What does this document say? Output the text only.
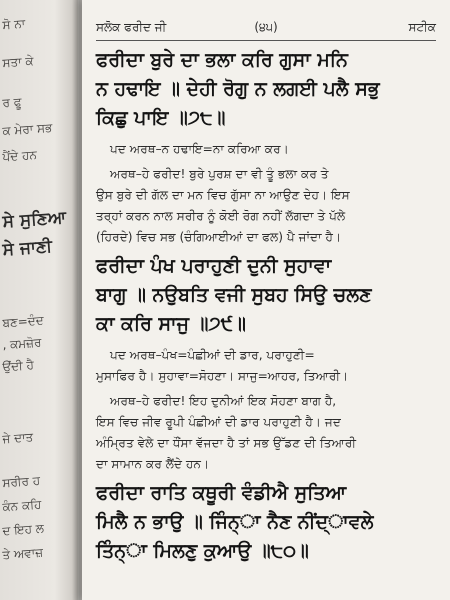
ਸੋ ਨਾ
ਸਤਾ ਕੇ
ਰ ਫੂ
ਕ ਮੇਰਾ ਸਭ
ਪੈਂਦੇ ਹਨ
ਸੇ ਸੁਣਿਆ
ਸੇ ਜਾਣੀ
ਬਣ=ਦੰਦ
, ਕਮਜ਼ੋਰ
ਉਂਦੀ ਹੈ
ਜੇ ਦਾਤ
ਸਰੀਰ ਹ
ਕੰਨ ਕਹਿ
ਦ ਇਹ ਲ
ਤੇ ਅਵਾਜ਼
ਸਲੋਕ ਫਰੀਦ ਜੀ	(੪੫)	ਸਟੀਕ
ਫਰੀਦਾ ਬੁਰੇ ਦਾ ਭਲਾ ਕਰਿ ਗੁਸਾ ਮਨਿ
ਨ ਹਢਾਇ ॥ ਦੇਹੀ ਰੋਗੁ ਨ ਲਗਈ ਪਲੈ ਸਭੁ
ਕਿਛੁ ਪਾਇ ॥੭੮॥
ਪਦ ਅਰਥ–ਨ ਹਢਾਇ=ਨਾ ਕਰਿਆ ਕਰ।
ਅਰਥ–ਹੇ ਫਰੀਦ! ਬੁਰੇ ਪੁਰਸ਼ ਦਾ ਵੀ ਤੂੰ ਭਲਾ ਕਰ ਤੇ
ਉਸ ਬੁਰੇ ਦੀ ਗੱਲ ਦਾ ਮਨ ਵਿਚ ਗੁੱਸਾ ਨਾ ਆਉਣ ਦੇਹ। ਇਸ
ਤਰ੍ਹਾਂ ਕਰਨ ਨਾਲ ਸਰੀਰ ਨੂੰ ਕੋਈ ਰੋਗ ਨਹੀਂ ਲੱਗਦਾ ਤੇ ਪੱਲੇ
(ਹਿਰਦੇ) ਵਿਚ ਸਭ (ਚੰਗਿਆਈਆਂ ਦਾ ਫਲ) ਪੈ ਜਾਂਦਾ ਹੈ।
ਫਰੀਦਾ ਪੰਖ ਪਰਾਹੁਣੀ ਦੁਨੀ ਸੁਹਾਵਾ
ਬਾਗੁ ॥ ਨਉਬਤਿ ਵਜੀ ਸੁਬਹ ਸਿਉ ਚਲਣ
ਕਾ ਕਰਿ ਸਾਜੁ ॥੭੯॥
ਪਦ ਅਰਥ–ਪੰਖ=ਪੰਛੀਆਂ ਦੀ ਡਾਰ, ਪਰਾਹੁਣੀ=
ਮੁਸਾਫਿਰ ਹੈ। ਸੁਹਾਵਾ=ਸੋਹਣਾ। ਸਾਜੁ=ਆਹਰ, ਤਿਆਰੀ।
ਅਰਥ–ਹੇ ਫਰੀਦ! ਇਹ ਦੁਨੀਆਂ ਇਕ ਸੋਹਣਾ ਬਾਗ ਹੈ,
ਇਸ ਵਿਚ ਜੀਵ ਰੂਪੀ ਪੰਛੀਆਂ ਦੀ ਡਾਰ ਪਰਾਹੁਣੀ ਹੈ। ਜਦ
ਅੰਮ੍ਰਿਤ ਵੇਲੇ ਦਾ ਧੌਂਸਾ ਵੱਜਦਾ ਹੈ ਤਾਂ ਸਭ ਉੱਡਣ ਦੀ ਤਿਆਰੀ
ਦਾ ਸਾਮਾਨ ਕਰ ਲੈਂਦੇ ਹਨ।
ਫਰੀਦਾ ਰਾਤਿ ਕਥੂਰੀ ਵੰਡੀਐ ਸੁਤਿਆ
ਮਿਲੈ ਨ ਭਾਉ ॥ ਜਿੰਨ੍ਾ ਨੈਣ ਨੀਂਦ੍ਾਵਲੇ
ਤਿੰਨ੍ਾ ਮਿਲਣੁ ਕੁਆਉ ॥੮੦॥
